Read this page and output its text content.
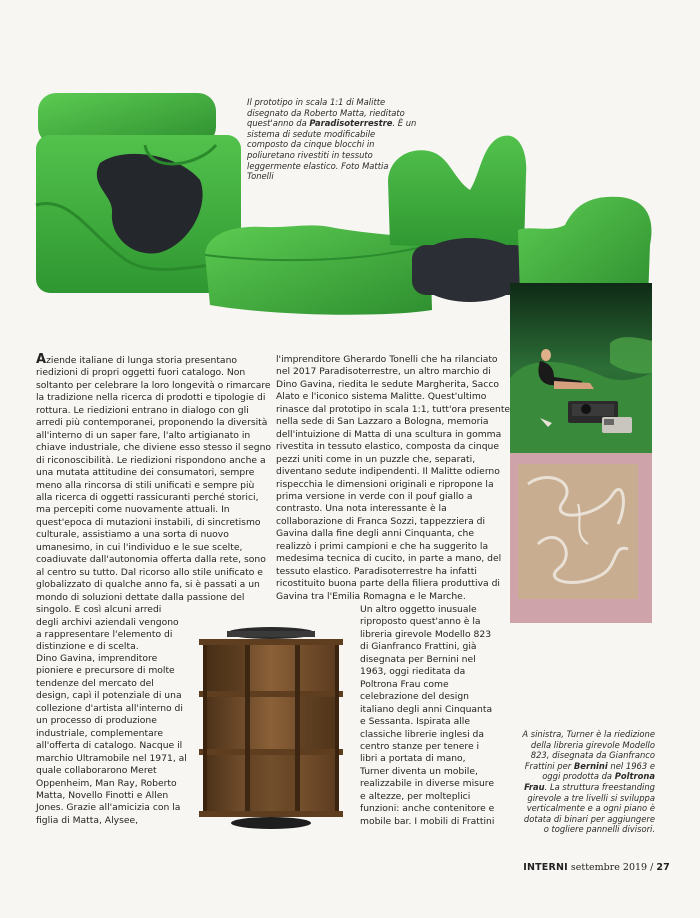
Il prototipo in scala 1:1 di Malitte disegnato da Roberto Matta, rieditato quest'anno da Paradisoterrestre. È un sistema di sedute modificabile composto da cinque blocchi in poliuretano rivestiti in tessuto leggermente elastico. Foto Mattia Tonelli

Aziende italiane di lunga storia presentano
riedizioni di propri oggetti fuori catalogo. Non
soltanto per celebrare la loro longevità o rimarcare
la tradizione nella ricerca di prodotti e tipologie di
rottura. Le riedizioni entrano in dialogo con gli
arredi più contemporanei, proponendo la diversità
all'interno di un saper fare, l'alto artigianato in
chiave industriale, che diviene esso stesso il segno
di riconoscibilità. Le riedizioni rispondono anche a
una mutata attitudine dei consumatori, sempre
meno alla rincorsa di stili unificati e sempre più
alla ricerca di oggetti rassicuranti perché storici,
ma percepiti come nuovamente attuali. In
quest'epoca di mutazioni instabili, di sincretismo
culturale, assistiamo a una sorta di nuovo
umanesimo, in cui l'individuo e le sue scelte,
coadiuvate dall'autonomia offerta dalla rete, sono
al centro su tutto. Dal ricorso allo stile unificato e
globalizzato di qualche anno fa, si è passati a un
mondo di soluzioni dettate dalla passione del
singolo. E così alcuni arredi
degli archivi aziendali vengono
a rappresentare l'elemento di
distinzione e di scelta.

Dino Gavina, imprenditore
pioniere e precursore di molte
tendenze del mercato del
design, capì il potenziale di una
collezione d'artista all'interno di
un processo di produzione
industriale, complementare
all'offerta di catalogo. Nacque il
marchio Ultramobile nel 1971, al
quale collaborarono Meret
Oppenheim, Man Ray, Roberto
Matta, Novello Finotti e Allen
Jones. Grazie all'amicizia con la
figlia di Matta, Alysee,

l'imprenditore Gherardo Tonelli che ha rilanciato
nel 2017 Paradisoterrestre, un altro marchio di
Dino Gavina, riedita le sedute Margherita, Sacco
Alato e l'iconico sistema Malitte. Quest'ultimo
rinasce dal prototipo in scala 1:1, tutt'ora presente
nella sede di San Lazzaro a Bologna, memoria
dell'intuizione di Matta di una scultura in gomma
rivestita in tessuto elastico, composta da cinque
pezzi uniti come in un puzzle che, separati,
diventano sedute indipendenti. Il Malitte odierno
rispecchia le dimensioni originali e ripropone la
prima versione in verde con il pouf giallo a
contrasto. Una nota interessante è la
collaborazione di Franca Sozzi, tappezziera di
Gavina dalla fine degli anni Cinquanta, che
realizzò i primi campioni e che ha suggerito la
medesima tecnica di cucito, in parte a mano, del
tessuto elastico. Paradisoterrestre ha infatti
ricostituito buona parte della filiera produttiva di
Gavina tra l'Emilia Romagna e le Marche.

Un altro oggetto inusuale
riproposto quest'anno è la
libreria girevole Modello 823
di Gianfranco Frattini, già
disegnata per Bernini nel
1963, oggi rieditata da
Poltrona Frau come
celebrazione del design
italiano degli anni Cinquanta
e Sessanta. Ispirata alle
classiche librerie inglesi da
centro stanze per tenere i
libri a portata di mano,
Turner diventa un mobile,
realizzabile in diverse misure
e altezze, per molteplici
funzioni: anche contenitore e
mobile bar. I mobili di Frattini

A sinistra, Turner è la riedizione della libreria girevole Modello 823, disegnata da Gianfranco Frattini per Bernini nel 1963 e oggi prodotta da Poltrona Frau. La struttura freestanding girevole a tre livelli si sviluppa verticalmente e a ogni piano è dotata di binari per aggiungere o togliere pannelli divisori.
INTERNI settembre 2019 / 27
